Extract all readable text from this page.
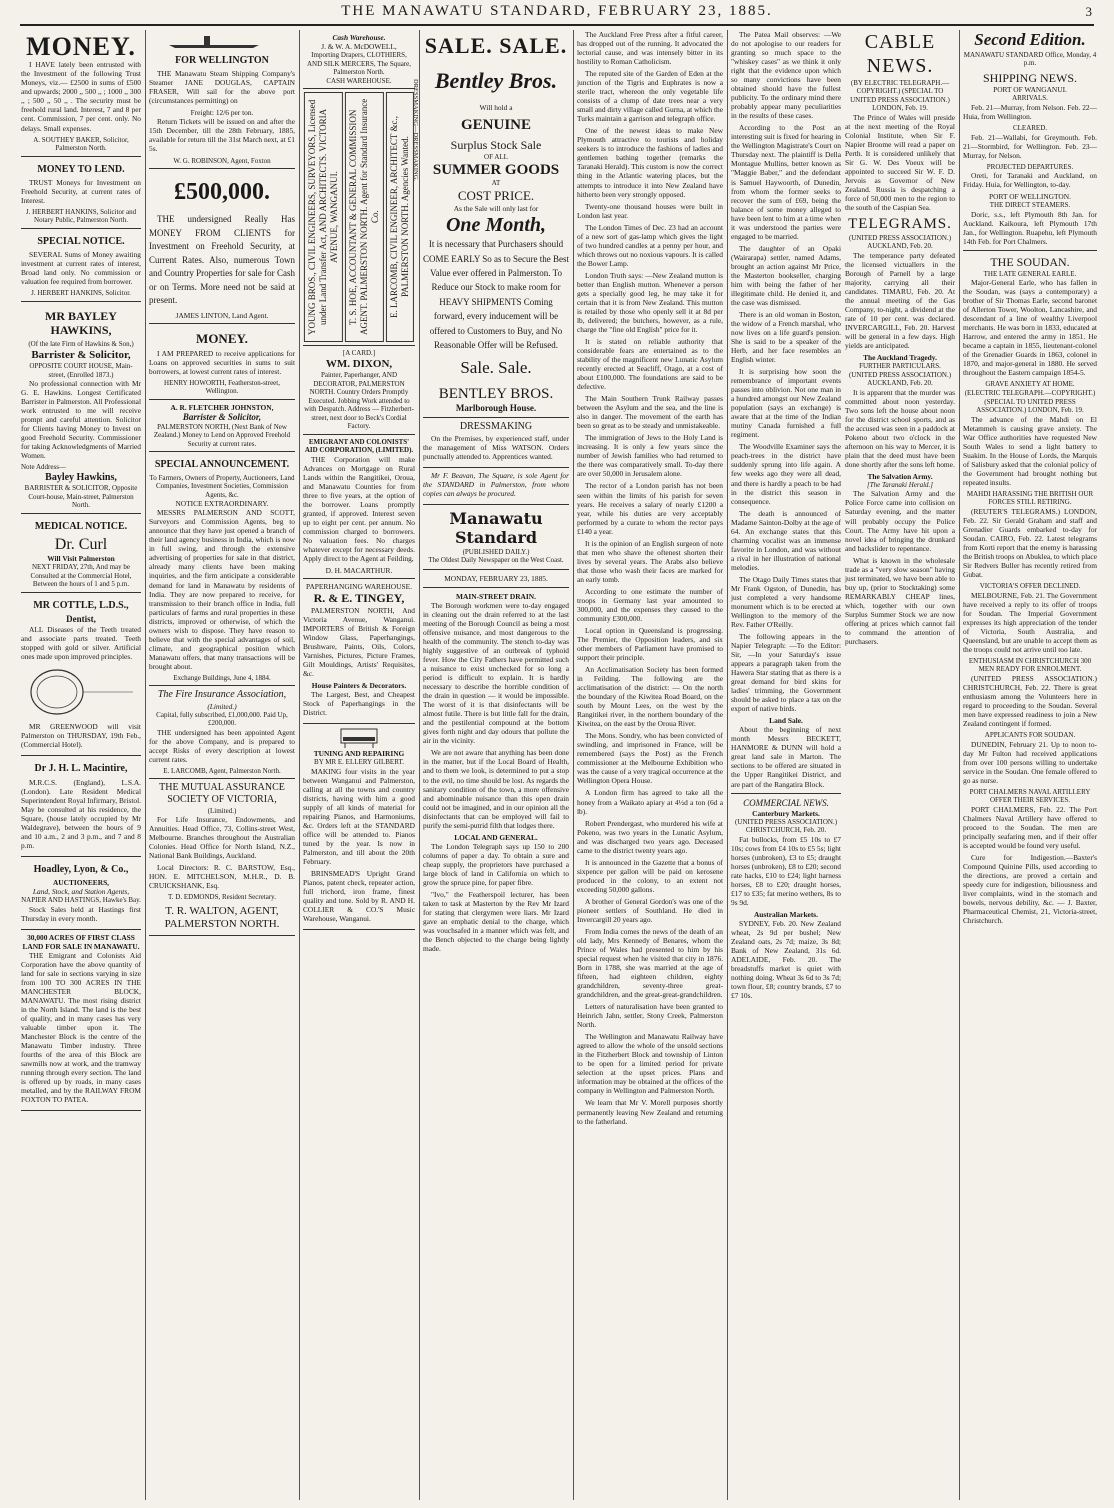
THE MANAWATU STANDARD, FEBRUARY 23, 1885.	3
MONEY.

I HAVE lately been entrusted with the Investment of the following Trust Moneys, viz.— £2500 in sums of £500 and upwards; 2000 ,, 500 ,, ; 1000 ,, 300 ,, ; 500 ,, 50 ,, . The security must be freehold rural land. Interest, 7 and 8 per cent. Commission, 7 per cent. only. No delays. Small expenses.

A. SOUTHEY BAKER, Solicitor, Palmerston North.
MONEY TO LEND.

TRUST Moneys for Investment on Freehold Security, at current rates of Interest.

J. HERBERT HANKINS, Solicitor and Notary Public, Palmerston North.
SPECIAL NOTICE.

SEVERAL Sums of Money awaiting investment at current rates of interest, Broad land only. No commission or valuation fee required from borrower.

J. HERBERT HANKINS, Solicitor.
MR BAYLEY HAWKINS,
(Of the late Firm of Hawkins & Son,)
Barrister & Solicitor,
OPPOSITE COURT HOUSE, Main-street, (Enrolled 1873.)

No professional connection with Mr G. E. Hawkins. Longest Certificated Barrister in Palmerston. All Professional work entrusted to me will receive prompt and careful attention. Solicitor for Clients having Money to Invest on good Freehold Security. Commissioner for taking Acknowledgments of Married Women.

Note Address—
Bayley Hawkins,
BARRISTER & SOLICITOR, Opposite Court-house, Main-street, Palmerston North.
MEDICAL NOTICE.
Dr. Curl
Will Visit Palmerston
NEXT FRIDAY, 27th, And may be Consulted at the Commercial Hotel, Between the hours of 1 and 5 p.m.
MR COTTLE, L.D.S.,
Dentist,

ALL Diseases of the Teeth treated and associate parts treated. Teeth stopped with gold or silver. Artificial ones made upon improved principles.

MR GREENWOOD will visit Palmerston on THURSDAY, 19th Feb., (Commercial Hotel).

Dr J. H. L. Macintire,

M.R.C.S. (England), L.S.A. (London). Late Resident Medical Superintendent Royal Infirmary, Bristol. May be consulted at his residence, the Square, (house lately occupied by Mr Waldegrave), between the hours of 9 and 10 a.m., 2 and 3 p.m., and 7 and 8 p.m.

Hoadley, Lyon, & Co.,
AUCTIONEERS,
Land, Stock, and Station Agents,
NAPIER AND HASTINGS, Hawke's Bay.

Stock Sales held at Hastings first Thursday in every month.

30,000 ACRES OF FIRST CLASS LAND FOR SALE IN MANAWATU.

THE Emigrant and Colonists Aid Corporation have the above quantity of land for sale in sections varying in size from 100 TO 300 ACRES IN THE MANCHESTER BLOCK, MANAWATU. The most rising district in the North Island. The land is the best of quality, and in many cases has very valuable timber upon it. The Manchester Block is the centre of the Manawatu Timber industry. Three fourths of the area of this Block are sawmills now at work, and the tramway running through every section. The land is offered up by roads, in many cases metalled, and by the RAILWAY FROM FOXTON TO PATEA.

FOR WELLINGTON

THE Manawatu Steam Shipping Company's Steamer JANE DOUGLAS, CAPTAIN FRASER, Will sail for the above port (circumstances permitting) on

Freight: 12/6 per ton.

Return Tickets will be issued on and after the 15th December, till the 28th February, 1885, available for return till the 31st March next, at £1 5s.

W. G. ROBINSON, Agent, Foxton
£500,000.

THE undersigned Really Has MONEY FROM CLIENTS for Investment on Freehold Security, at Current Rates. Also, numerous Town and Country Properties for sale for Cash or on Terms. More need not be said at present.

JAMES LINTON, Land Agent.
MONEY.

I AM PREPARED to receive applications for Loans on approved securities in sums to suit borrowers, at lowest current rates of interest.

HENRY HOWORTH, Featherston-street, Wellington.
A. R. FLETCHER JOHNSTON,
Barrister & Solicitor,
PALMERSTON NORTH, (Next Bank of New Zealand.) Money to Lend on Approved Freehold Security at current rates.
SPECIAL ANNOUNCEMENT.
To Farmers, Owners of Property, Auctioneers, Land Companies, Investment Societies, Commission Agents, &c.
NOTICE EXTRAORDINARY.

MESSRS PALMERSON AND SCOTT, Surveyors and Commission Agents, beg to announce that they have just opened a branch of their land agency business in India, which is now in full swing, and through the extensive advertising of properties for sale in that district, already many clients have been making inquiries, and the firm anticipate a considerable demand for land in Manawatu by residents of India. They are now prepared to receive, for transmission to their branch office in India, full particulars of farms and rural properties in these districts, improved or otherwise, of which the owners wish to dispose. They have reason to believe that with the special advantages of soil, climate, and geographical position which Manawatu offers, that many transactions will be brought about.

Exchange Buildings, June 4, 1884.
The Fire Insurance Association,
(Limited.)
Capital, fully subscribed, £1,000,000. Paid Up, £200,000.

THE undersigned has been appointed Agent for the above Company, and is prepared to accept Risks of every description at lowest current rates.

E. LARCOMB, Agent, Palmerston North.
THE MUTUAL ASSURANCE SOCIETY OF VICTORIA,
(Limited.)

For Life Insurance, Endowments, and Annuities. Head Office, 73, Collins-street West, Melbourne. Branches throughout the Australian Colonies. Head Office for North Island, N.Z., National Bank Buildings, Auckland.

Local Directors: R. C. BARSTOW, Esq., HON. E. MITCHELSON, M.H.R., D. B. CRUICKSHANK, Esq.

T. D. EDMONDS, Resident Secretary.
T. R. WALTON, AGENT, PALMERSTON NORTH.
Cash Warehouse.
J. & W. A. McDOWELL,
Importing Drapers, CLOTHIERS, AND SILK MERCERS, The Square, Palmerston North.
CASH WAREHOUSE.
YOUNG BROS., CIVIL ENGINEERS, SURVEYORS, Licensed under Land Transfer Act, AND ARCHITECTS. VICTORIA AVENUE, WANGANUI.	T. S. HOE, ACCOUNTANT & GENERAL COMMISSION AGENT. PALMERSTON NORTH. Agent for Standard Insurance Co.	E. LARCOMB, CIVIL ENGINEER, ARCHITECT &c., PALMERSTON NORTH. Agencies Wanted.
[A CARD.]
WM. DIXON,
Painter, Paperhanger, AND DECORATOR, PALMERSTON NORTH. Country Orders Promptly Executed. Jobbing Work attended to with Despatch. Address — Fitzherbert-street, next door to Beck's Cordial Factory.
EMIGRANT AND COLONISTS' AID CORPORATION, (LIMITED).

THE Corporation will make Advances on Mortgage on Rural Lands within the Rangitikei, Oroua, and Manawatu Counties for from three to five years, at the option of the borrower. Loans promptly granted, if approved. Interest seven up to eight per cent. per annum. No commission charged to borrowers. No valuation fees. No charges whatever except for necessary deeds. Apply direct to the Agent at Feilding,

D. H. MACARTHUR.
PAPERHANGING WAREHOUSE.
R. & E. TINGEY,

PALMERSTON NORTH, And Victoria Avenue, Wanganui. IMPORTERS of British & Foreign Window Glass, Paperhangings, Brushware, Paints, Oils, Colors, Varnishes, Pictures, Picture Frames, Gilt Mouldings, Artists' Requisites, &c.

House Painters & Decorators.

The Largest, Best, and Cheapest Stock of Paperhangings in the District.

TUNING AND REPAIRING
BY MR E. ELLERY GILBERT.

MAKING four visits in the year between Wanganui and Palmerston, calling at all the towns and country districts, having with him a good supply of all kinds of material for repairing Pianos, and Harmoniums, &c. Orders left at the STANDARD office will be attended to. Pianos tuned by the year. Is now in Palmerston, and till about the 20th February.

BRINSMEAD'S Upright Grand Pianos, patent check, repeater action, full trichord, iron frame, finest quality and tone. Sold by R. AND H. COLLIER & CO.'S Music Warehouse, Wanganui.

SALE. SALE.
Bentley Bros.
Will hold a
GENUINE
Surplus Stock Sale
OF ALL
SUMMER GOODS
AT
COST PRICE.
As the Sale will only last for
One Month,

It is necessary that Purchasers should COME EARLY So as to Secure the Best Value ever offered in Palmerston. To Reduce our Stock to make room for HEAVY SHIPMENTS Coming forward, every inducement will be offered to Customers to Buy, and No Reasonable Offer will be Refused.

Sale. Sale.
BENTLEY BROS.
Marlborough House.
DRESSMAKING

On the Premises, by experienced staff, under the management of Miss WATSON. Orders punctually attended to. Apprentices wanted.

Mr F. Beavan, The Square, is sole Agent for the STANDARD in Palmerston, from whom copies can always be procured.

Manawatu Standard
(PUBLISHED DAILY.)
The Oldest Daily Newspaper on the West Coast.
MONDAY, FEBRUARY 23, 1885.
MAIN-STREET DRAIN.

The Borough workmen were to-day engaged in cleaning out the drain referred to at the last meeting of the Borough Council as being a most offensive nuisance, and most dangerous to the health of the community. The stench to-day was highly suggestive of an outbreak of typhoid fever. How the City Fathers have permitted such a nuisance to exist unchecked for so long a period is difficult to explain. It is hardly necessary to describe the horrible condition of the drain in question — it would be impossible. The worst of it is that disinfectants will be almost futile. There is but little fall for the drain, and the pestilential compound at the bottom gives forth night and day odours that pollute the air in the vicinity.

We are not aware that anything has been done in the matter, but if the Local Board of Health, and to them we look, is determined to put a stop to the evil, no time should be lost. As regards the sanitary condition of the town, a more offensive and abominable nuisance than this open drain could not be imagined, and in our opinion all the disinfectants that can be employed will fail to purify the semi-putrid filth that lodges there.

LOCAL AND GENERAL.

The London Telegraph says up 150 to 200 columns of paper a day. To obtain a sure and cheap supply, the proprietors have purchased a large block of land in California on which to grow the spruce pine, for paper fibre.

"Ivo," the Featherspoil lecturer, has been taken to task at Masterton by the Rev Mr Izard for stating that clergymen were liars. Mr Izard gave an emphatic denial to the charge, which was vouchsafed in a manner which was felt, and the Bench objected to the charge being lightly made.

The Auckland Free Press after a fitful career, has dropped out of the running. It advocated the lectorial cause, and was intensely bitter in its hostility to Roman Catholicism.

The reputed site of the Garden of Eden at the junction of the Tigris and Euphrates is now a sterile tract, whereon the only vegetable life consists of a clump of date trees near a very small and dirty village called Gurna, at which the Turks maintain a garrison and telegraph office.

One of the newest ideas to make New Plymouth attractive to tourists and holiday seekers is to introduce the fashions of ladies and gentlemen bathing together (remarks the Taranaki Herald). This custom is now the correct thing in the Atlantic watering places, but the attempts to introduce it into New Zealand have hitherto been very strongly opposed.

Twenty-one thousand houses were built in London last year.

The London Times of Dec. 23 had an account of a new sort of gas-lamp which gives the light of two hundred candles at a penny per hour, and which throws out no noxious vapours. It is called the Bower Lamp.

London Truth says: —New Zealand mutton is better than English mutton. Whenever a person gets a specially good leg, he may take it for certain that it is from New Zealand. This mutton is retailed by those who openly sell it at 8d per lb, delivered; the butchers, however, as a rule, charge the "fine old English" price for it.

It is stated on reliable authority that considerable fears are entertained as to the stability of the magnificent new Lunatic Asylum recently erected at Seacliff, Otago, at a cost of about £100,000. The foundations are said to be defective.

The Main Southern Trunk Railway passes between the Asylum and the sea, and the line is also in danger. The movement of the earth has been so great as to be steady and unmistakeable.

The immigration of Jews to the Holy Land is increasing. It is only a few years since the number of Jewish families who had returned to the there was comparatively small. To-day there are over 50,000 in Jerusalem alone.

The rector of a London parish has not been seen within the limits of his parish for seven years. He receives a salary of nearly £1200 a year, while his duties are very acceptably performed by a curate to whom the rector pays £140 a year.

It is the opinion of an English surgeon of note that men who shave the oftenest shorten their lives by several years. The Arabs also believe that those who wash their faces are marked for an early tomb.

According to one estimate the number of troops in Germany last year amounted to 300,000, and the expenses they caused to the community £300,000.

Local option in Queensland is progressing. The Premier, the Opposition leaders, and six other members of Parliament have promised to support their principle.

An Acclimatisation Society has been formed in Feilding. The following are the acclimatisation of the district: — On the north the boundary of the Kiwitea Road Board, on the south by Mount Lees, on the west by the Rangitikei river, in the northern boundary of the Kiwitea, on the east by the Oroua River.

The Mons. Sondry, who has been convicted of swindling, and imprisoned in France, will be remembered (says the Post) as the French commissioner at the Melbourne Exhibition who was the cause of a very tragical occurrence at the Wellington Opera House.

A London firm has agreed to take all the honey from a Waikato apiary at 4½d a ton (6d a lb).

Robert Prendergast, who murdered his wife at Pokeno, was two years in the Lunatic Asylum, and was discharged two years ago. Deceased came to the district twenty years ago.

It is announced in the Gazette that a bonus of sixpence per gallon will be paid on kerosene produced in the colony, to an extent not exceeding 50,000 gallons.

A brother of General Gordon's was one of the pioneer settlers of Southland. He died in Invercargill 20 years ago.

From India comes the news of the death of an old lady, Mrs Kennedy of Benares, whom the Prince of Wales had presented to him by his special request when he visited that city in 1876. Born in 1788, she was married at the age of fifteen, had eighteen children, eighty grandchildren, seventy-three great-grandchildren, and the great-great-grandchildren.

Letters of naturalisation have been granted to Heinrich Jahn, settler, Stony Creek, Palmerston North.

The Wellington and Manawatu Railway have agreed to allow the whole of the unsold sections in the Fitzherbert Block and township of Linton to be open for a limited period for private selection at the upset prices. Plans and information may be obtained at the offices of the company in Wellington and Palmerston North.

We learn that Mr V. Morell purposes shortly permanently leaving New Zealand and returning to the fatherland.

The Patea Mail observes: —We do not apologise to our readers for granting so much space to the "whiskey cases" as we think it only right that the evidence upon which so many convictions have been obtained should have the fullest publicity. To the ordinary mind there probably appear many peculiarities in the results of these cases.

According to the Post an interesting suit is fixed for hearing in the Wellington Magistrate's Court on Thursday next. The plaintiff is Della Montague Mullins, better known as "Maggie Baber," and the defendant is Samuel Haywoorth, of Dunedin, from whom the former seeks to recover the sum of £69, being the balance of some money alleged to have been lent to him at a time when it was understood the parties were engaged to be married.

The daughter of an Opaki (Wairarapa) settler, named Adams, brought an action against Mr Price, the Masterton bookseller, charging him with being the father of her illegitimate child. He denied it, and the case was dismissed.

There is an old woman in Boston, the widow of a French marshal, who now lives on a life guard's pension. She is said to be a speaker of the Herb, and her face resembles an English winter.

It is surprising how soon the remembrance of important events passes into oblivion. Not one man in a hundred amongst our New Zealand population (says an exchange) is aware that at the time of the Indian mutiny Canada furnished a full regiment.

The Woodville Examiner says the peach-trees in the district have suddenly sprung into life again. A few weeks ago they were all dead, and there is hardly a peach to be had in the district this season in consequence.

The death is announced of Madame Sainton-Dolby at the age of 64. An exchange states that this charming vocalist was an immense favorite in London, and was without a rival in her illustration of national melodies.

The Otago Daily Times states that Mr Frank Ogston, of Dunedin, has just completed a very handsome monument which is to be erected at Wellington to the memory of the Rev. Father O'Reilly.

The following appears in the Napier Telegraph: —To the Editor: Sir, —In your Saturday's issue appears a paragraph taken from the Hawera Star stating that as there is a great demand for bird skins for ladies' trimming, the Government should be asked to place a tax on the export of native birds.

Land Sale.

About the beginning of next month Messrs BECKETT, HANMORE & DUNN will hold a great land sale in Marton. The sections to be offered are situated in the Upper Rangitikei District, and are part of the Rangatira Block.

COMMERCIAL NEWS.
Canterbury Markets.
(UNITED PRESS ASSOCIATION.) CHRISTCHURCH, Feb. 20.

Fat bullocks, from £5 10s to £7 10s; cows from £4 10s to £5 5s; light horses (unbroken), £3 to £5; draught horses (unbroken), £8 to £20; second rate hacks, £10 to £24; light harness horses, £8 to £20; draught horses, £17 to £35; fat merino wethers, 8s to 9s 9d.

Australian Markets.

SYDNEY, Feb. 20. New Zealand wheat, 2s 9d per bushel; New Zealand oats, 2s 7d; maize, 3s 8d; Bank of New Zealand, 31s 6d. ADELAIDE, Feb. 20. The breadstuffs market is quiet with nothing doing. Wheat 3s 6d to 3s 7d; town flour, £8; country brands, £7 to £7 10s.

CABLE NEWS.
(BY ELECTRIC TELEGRAPH.—COPYRIGHT.) (SPECIAL TO UNITED PRESS ASSOCIATION.) LONDON, Feb. 19.

The Prince of Wales will preside at the next meeting of the Royal Colonial Institute, when Sir F. Napier Broome will read a paper on Perth. It is considered unlikely that Sir G. W. Des Voeux will be appointed to succeed Sir W. F. D. Jervois as Governor of New Zealand. Russia is despatching a force of 50,000 men to the region to the south of the Caspian Sea.

TELEGRAMS.
(UNITED PRESS ASSOCIATION.) AUCKLAND, Feb. 20.

The temperance party defeated the licensed victuallers in the Borough of Parnell by a large majority, carrying all their candidates. TIMARU, Feb. 20. At the annual meeting of the Gas Company, to-night, a dividend at the rate of 10 per cent. was declared. INVERCARGILL, Feb. 20. Harvest will be general in a few days. High yields are anticipated.

The Auckland Tragedy.
FURTHER PARTICULARS. (UNITED PRESS ASSOCIATION.) AUCKLAND, Feb. 20.

It is apparent that the murder was committed about noon yesterday. Two sons left the house about noon for the district school sports, and as the accused was seen in a paddock at Pokeno about two o'clock in the afternoon on his way to Mercer, it is plain that the deed must have been done shortly after the sons left home.

The Salvation Army.
[The Taranaki Herald.]

The Salvation Army and the Police Force came into collision on Saturday evening, and the matter will probably occupy the Police Court. The Army have hit upon a novel idea of bringing the drunkard and backslider to repentance.

What is known in the wholesale trade as a "very slow season" having just terminated, we have been able to buy up, (prior to Stocktaking) some REMARKABLY CHEAP lines, which, together with our own Surplus Summer Stock we are now offering at prices which cannot fail to command the attention of purchasers.

Second Edition.
MANAWATU STANDARD Office, Monday, 4 p.m.
SHIPPING NEWS.
PORT OF WANGANUI.
ARRIVALS.

Feb. 21—Murray, from Nelson. Feb. 22—Huia, from Wellington.

CLEARED.

Feb. 21—Wallabi, for Greymouth. Feb. 21—Stormbird, for Wellington. Feb. 23—Murray, for Nelson.

PROJECTED DEPARTURES.

Oreti, for Taranaki and Auckland, on Friday. Huia, for Wellington, to-day.

PORT OF WELLINGTON.
THE DIRECT STEAMERS.

Doric, s.s., left Plymouth 8th Jan. for Auckland. Kaikoura, left Plymouth 17th Jan., for Wellington. Ruapehu, left Plymouth 14th Feb. for Port Chalmers.

THE SOUDAN.
THE LATE GENERAL EARLE.

Major-General Earle, who has fallen in the Soudan, was (says a contemporary) a brother of Sir Thomas Earle, second baronet of Allerton Tower, Woolton, Lancashire, and descendant of a line of wealthy Liverpool merchants. He was born in 1833, educated at Harrow, and entered the army in 1851. He became a captain in 1855, lieutenant-colonel of the Grenadier Guards in 1863, colonel in 1870, and major-general in 1880. He served throughout the Eastern campaign 1854-5.

GRAVE ANXIETY AT HOME.
(ELECTRIC TELEGRAPH.—COPYRIGHT.) (SPECIAL TO UNITED PRESS ASSOCIATION.) LONDON, Feb. 19.

The advance of the Mahdi on El Metammeh is causing grave anxiety. The War Office authorities have requested New South Wales to send a light battery to Suakim. In the House of Lords, the Marquis of Salisbury asked that the colonial policy of the Government had brought nothing but repeated insults.

MAHDI HARASSING THE BRITISH OUR FORCES STILL RETIRING.

(REUTER'S TELEGRAMS.) LONDON, Feb. 22. Sir Gerald Graham and staff and Grenadier Guards embarked to-day for Soudan. CAIRO, Feb. 22. Latest telegrams from Korti report that the enemy is harassing the British troops on Abuklea, to which place Sir Redvers Buller has recently retired from Gubat.

VICTORIA'S OFFER DECLINED.

MELBOURNE, Feb. 21. The Government have received a reply to its offer of troops for Soudan. The Imperial Government expresses its high appreciation of the tender of Victoria, South Australia, and Queensland, but are unable to accept them as the troops could not arrive until too late.

ENTHUSIASM IN CHRISTCHURCH 300 MEN READY FOR ENROLMENT.

(UNITED PRESS ASSOCIATION.) CHRISTCHURCH, Feb. 22. There is great enthusiasm among the Volunteers here in regard to proceeding to the Soudan. Several men have expressed readiness to join a New Zealand contingent if formed.

APPLICANTS FOR SOUDAN.

DUNEDIN, February 21. Up to noon to-day Mr Fulton had received applications from over 100 persons willing to undertake service in the Soudan. One female offered to go as nurse.

PORT CHALMERS NAVAL ARTILLERY OFFER THEIR SERVICES.

PORT CHALMERS, Feb. 22. The Port Chalmers Naval Artillery have offered to proceed to the Soudan. The men are principally seafaring men, and if their offer is accepted would be found very useful.

Cure for Indigestion.—Baxter's Compound Quinine Pills, used according to the directions, are proved a certain and speedy cure for indigestion, biliousness and liver complaints, wind in the stomach and bowels, nervous debility, &c. — J. Baxter, Pharmaceutical Chemist, 21, Victoria-street, Christchurch.

DRESSMAKING—DRESSMAKING.
